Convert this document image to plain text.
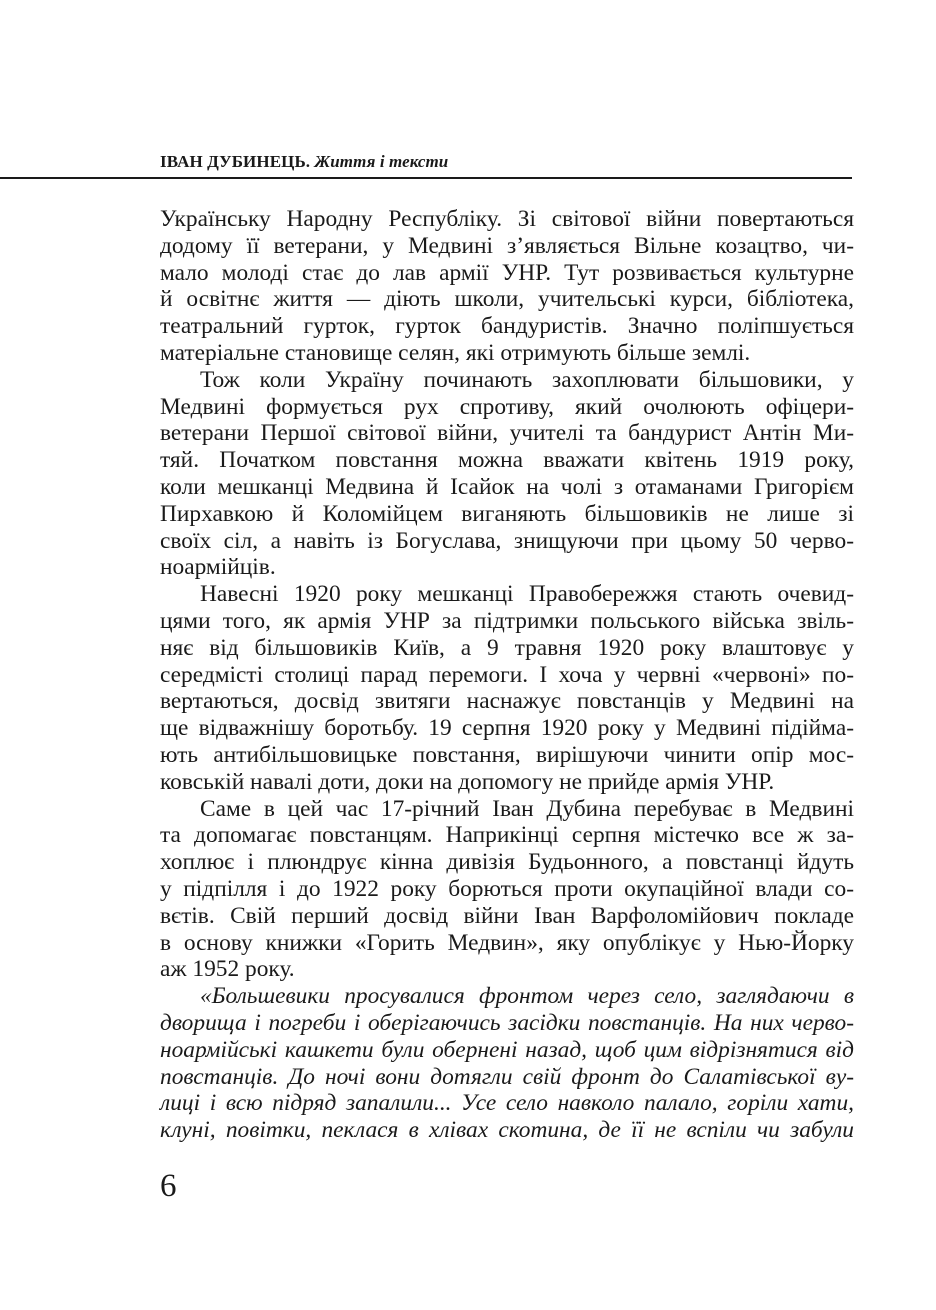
ІВАН ДУБИНЕЦЬ. Життя і тексти
Українську Народну Республіку. Зі світової війни повертаються
додому її ветерани, у Медвині з’являється Вільне козацтво, чи-
мало молоді стає до лав армії УНР. Тут розвивається культурне
й освітнє життя — діють школи, учительські курси, бібліотека,
театральний гурток, гурток бандуристів. Значно поліпшується
матеріальне становище селян, які отримують більше землі.
Тож коли Україну починають захоплювати більшовики, у
Медвині формується рух спротиву, який очолюють офіцери-
ветерани Першої світової війни, учителі та бандурист Антін Ми-
тяй. Початком повстання можна вважати квітень 1919 року,
коли мешканці Медвина й Ісайок на чолі з отаманами Григорієм
Пирхавкою й Коломійцем виганяють більшовиків не лише зі
своїх сіл, а навіть із Богуслава, знищуючи при цьому 50 черво-
ноармійців.
Навесні 1920 року мешканці Правобережжя стають очевид-
цями того, як армія УНР за підтримки польського війська звіль-
няє від більшовиків Київ, а 9 травня 1920 року влаштовує у
середмісті столиці парад перемоги. І хоча у червні «червоні» по-
вертаються, досвід звитяги наснажує повстанців у Медвині на
ще відважнішу боротьбу. 19 серпня 1920 року у Медвині підійма-
ють антибільшовицьке повстання, вирішуючи чинити опір мос-
ковській навалі доти, доки на допомогу не прийде армія УНР.
Саме в цей час 17-річний Іван Дубина перебуває в Медвині
та допомагає повстанцям. Наприкінці серпня містечко все ж за-
хоплює і плюндрує кінна дивізія Будьонного, а повстанці йдуть
у підпілля і до 1922 року борються проти окупаційної влади со-
вєтів. Свій перший досвід війни Іван Варфоломійович покладе
в основу книжки «Горить Медвин», яку опублікує у Нью-Йорку
аж 1952 року.
«Большевики просувалися фронтом через село, заглядаючи в
дворища і погреби і оберігаючись засідки повстанців. На них черво-
ноармійські кашкети були обернені назад, щоб цим відрізнятися від
повстанців. До ночі вони дотягли свій фронт до Салатівської ву-
лиці і всю підряд запалили... Усе село навколо палало, горіли хати,
клуні, повітки, пеклася в хлівах скотина, де її не вспіли чи забули
6
